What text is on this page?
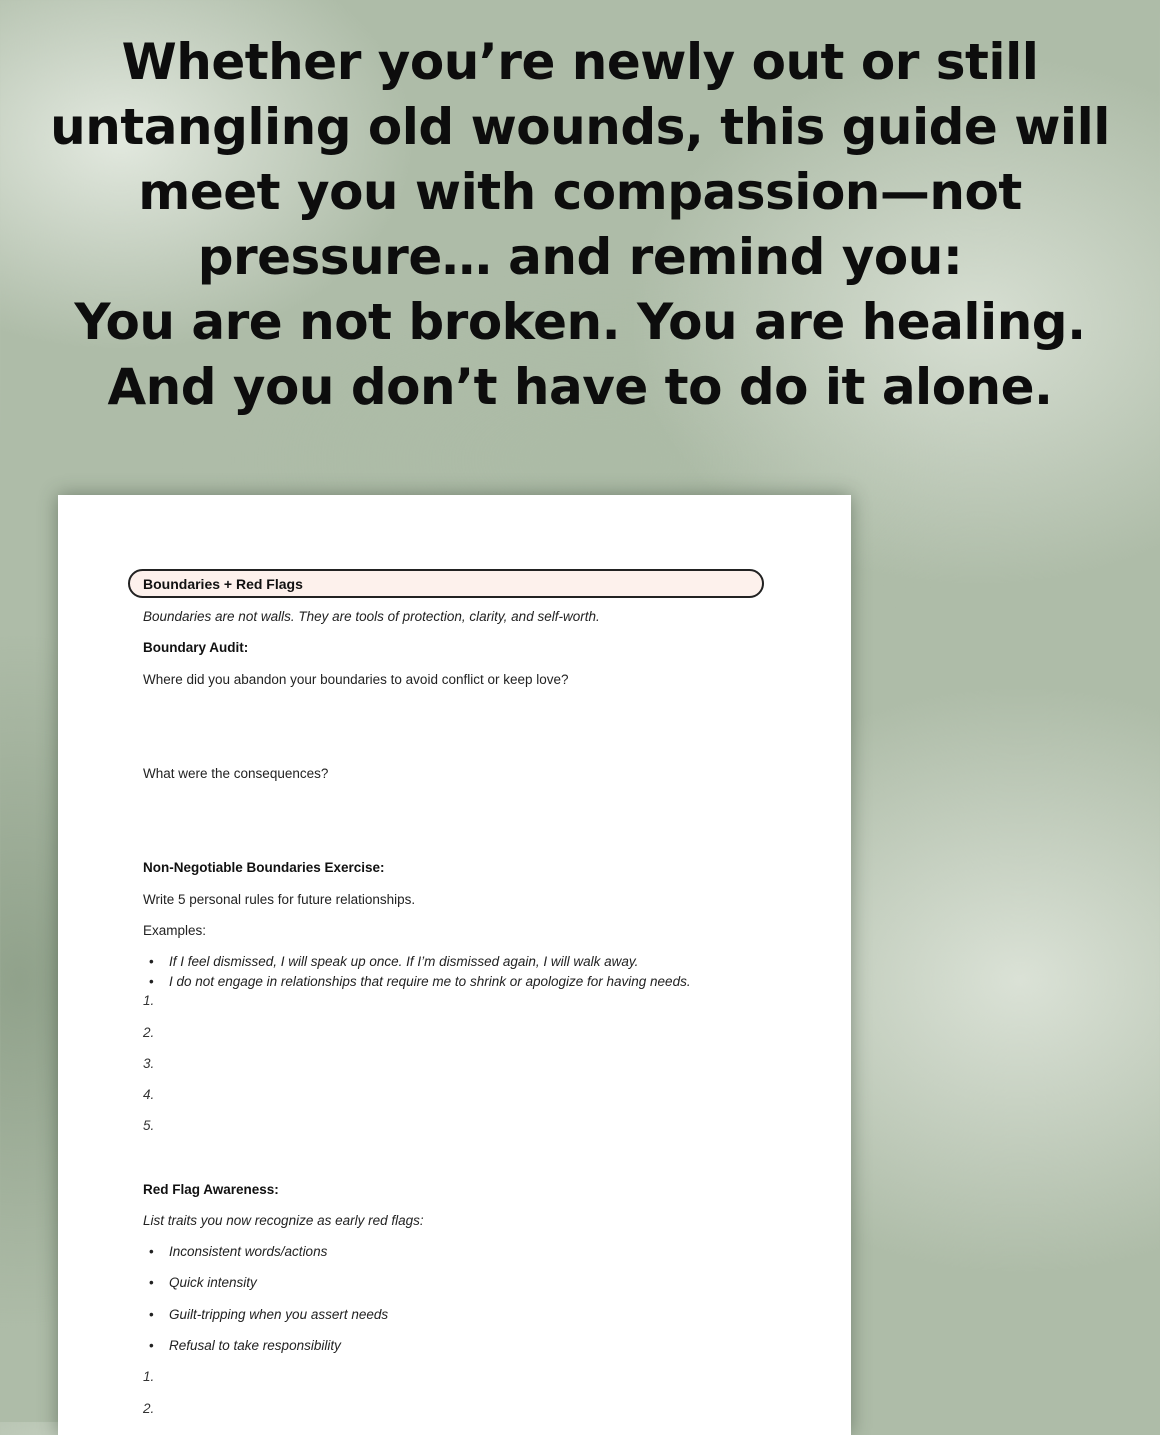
Whether you’re newly out or still
untangling old wounds, this guide will
meet you with compassion—not
pressure… and remind you:
You are not broken. You are healing.
And you don’t have to do it alone.
Boundaries + Red Flags

Boundaries are not walls. They are tools of protection, clarity, and self-worth.

Boundary Audit:

Where did you abandon your boundaries to avoid conflict or keep love?

What were the consequences?

Non-Negotiable Boundaries Exercise:

Write 5 personal rules for future relationships.

Examples:

• If I feel dismissed, I will speak up once. If I’m dismissed again, I will walk away.

• I do not engage in relationships that require me to shrink or apologize for having needs.

1.

2.

3.

4.

5.

Red Flag Awareness:

List traits you now recognize as early red flags:

• Inconsistent words/actions

• Quick intensity

• Guilt-tripping when you assert needs

• Refusal to take responsibility

1.

2.
